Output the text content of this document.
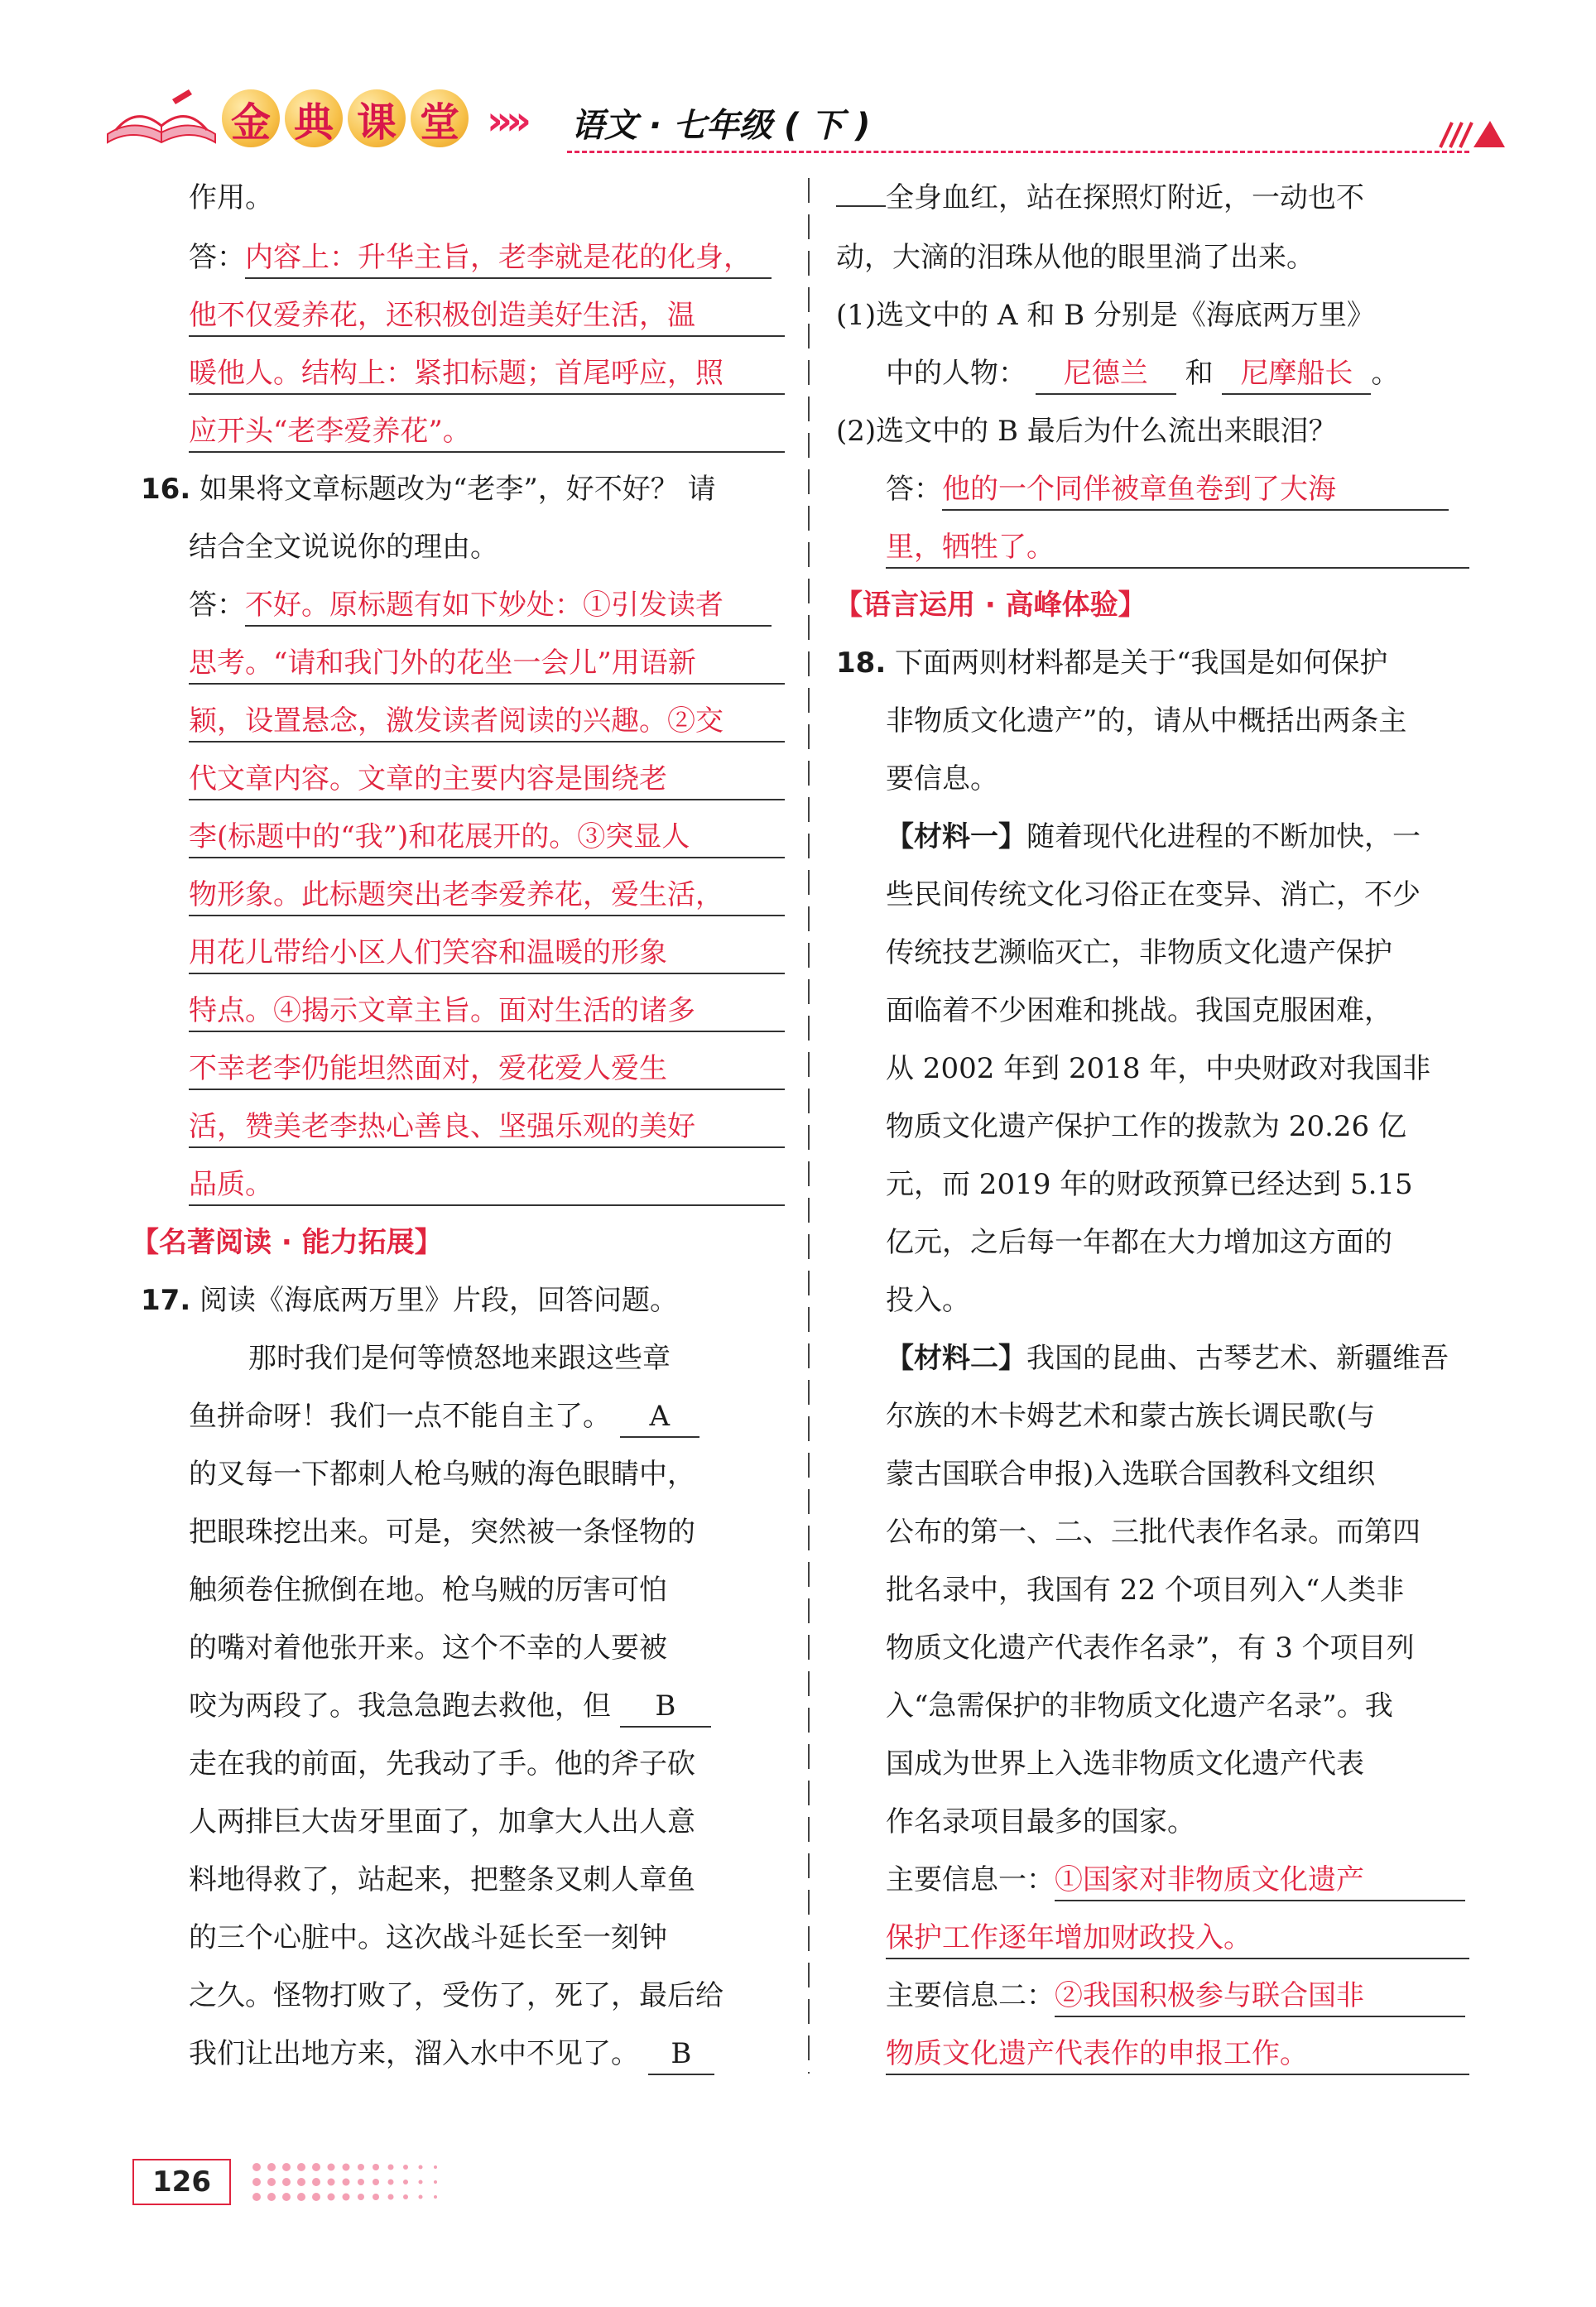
金 典 课 堂 »» 语文 · 七年级 ( 下 )
作用。
答：内容上：升华主旨，老李就是花的化身，
他不仅爱养花，还积极创造美好生活，温
暖他人。结构上：紧扣标题；首尾呼应，照
应开头“老李爱养花”。
16. 如果将文章标题改为“老李”，好不好？ 请
结合全文说说你的理由。
答：不好。原标题有如下妙处：①引发读者
思考。“请和我门外的花坐一会儿”用语新
颖，设置悬念，激发读者阅读的兴趣。②交
代文章内容。文章的主要内容是围绕老
李(标题中的“我”)和花展开的。③突显人
物形象。此标题突出老李爱养花，爱生活，
用花儿带给小区人们笑容和温暖的形象
特点。④揭示文章主旨。面对生活的诸多
不幸老李仍能坦然面对，爱花爱人爱生
活，赞美老李热心善良、坚强乐观的美好
品质。
【名著阅读 · 能力拓展】
17. 阅读《海底两万里》片段，回答问题。
那时我们是何等愤怒地来跟这些章
鱼拼命呀！我们一点不能自主了。 A
的叉每一下都刺人枪乌贼的海色眼睛中，
把眼珠挖出来。可是，突然被一条怪物的
触须卷住掀倒在地。枪乌贼的厉害可怕
的嘴对着他张开来。这个不幸的人要被
咬为两段了。我急急跑去救他，但 B
走在我的前面，先我动了手。他的斧子砍
人两排巨大齿牙里面了，加拿大人出人意
料地得救了，站起来，把整条叉刺人章鱼
的三个心脏中。这次战斗延长至一刻钟
之久。怪物打败了，受伤了，死了，最后给
我们让出地方来，溜入水中不见了。 B
全身血红，站在探照灯附近，一动也不
动，大滴的泪珠从他的眼里淌了出来。
(1)选文中的 A 和 B 分别是《海底两万里》
中的人物： 尼德兰 和 尼摩船长 。
(2)选文中的 B 最后为什么流出来眼泪？
答：他的一个同伴被章鱼卷到了大海
里，牺牲了。
【语言运用 · 高峰体验】
18. 下面两则材料都是关于“我国是如何保护
非物质文化遗产”的，请从中概括出两条主
要信息。
【材料一】随着现代化进程的不断加快，一
些民间传统文化习俗正在变异、消亡，不少
传统技艺濒临灭亡，非物质文化遗产保护
面临着不少困难和挑战。我国克服困难，
从 2002 年到 2018 年，中央财政对我国非
物质文化遗产保护工作的拨款为 20.26 亿
元，而 2019 年的财政预算已经达到 5.15
亿元，之后每一年都在大力增加这方面的
投入。
【材料二】我国的昆曲、古琴艺术、新疆维吾
尔族的木卡姆艺术和蒙古族长调民歌(与
蒙古国联合申报)入选联合国教科文组织
公布的第一、二、三批代表作名录。而第四
批名录中，我国有 22 个项目列入“人类非
物质文化遗产代表作名录”，有 3 个项目列
入“急需保护的非物质文化遗产名录”。我
国成为世界上入选非物质文化遗产代表
作名录项目最多的国家。
主要信息一：①国家对非物质文化遗产
保护工作逐年增加财政投入。
主要信息二：②我国积极参与联合国非
物质文化遗产代表作的申报工作。
126
